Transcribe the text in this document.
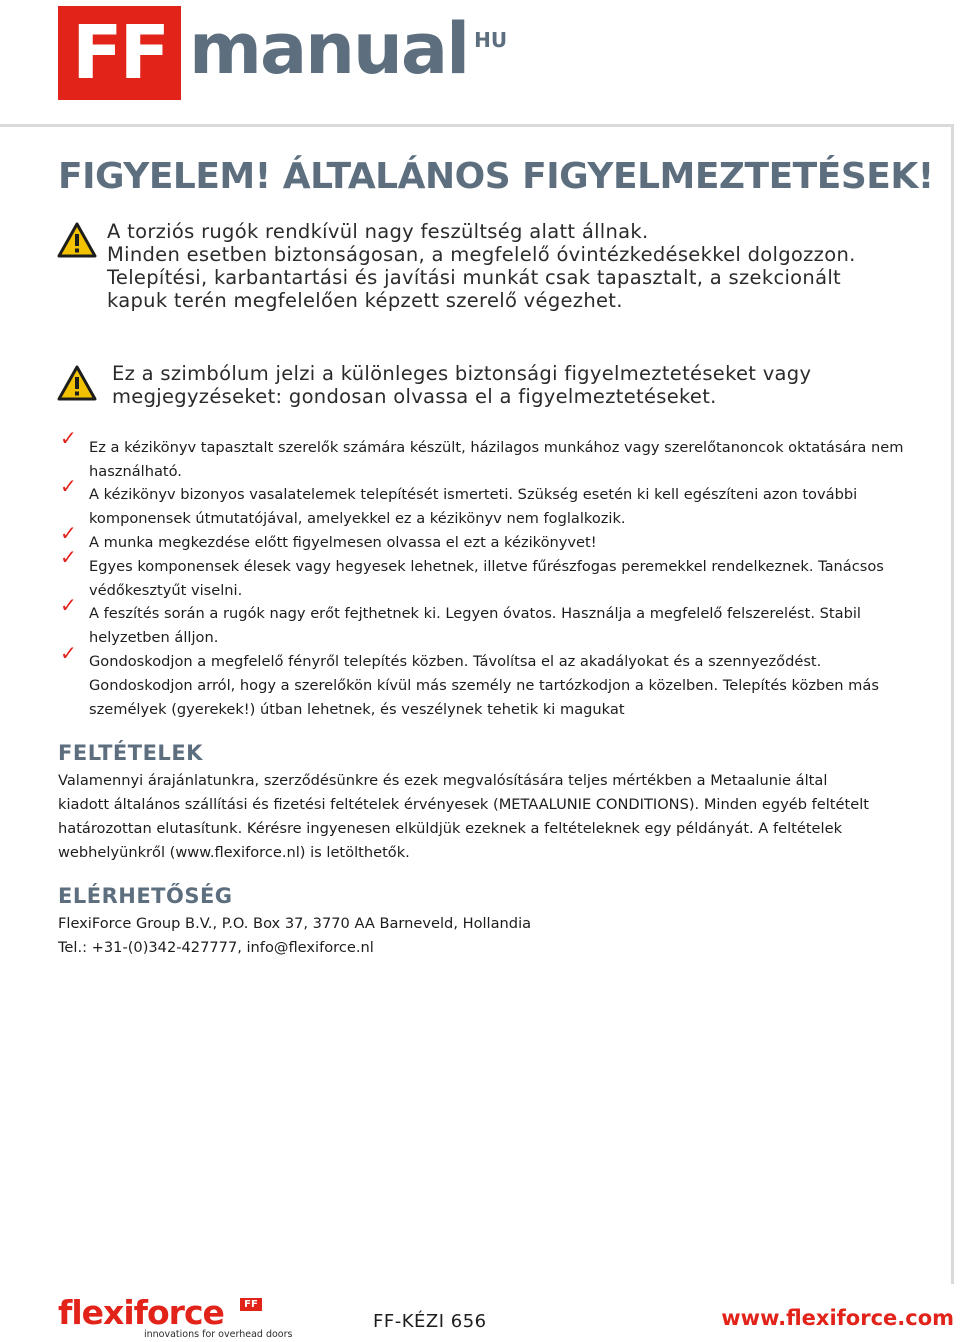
FF manual HU
FIGYELEM! ÁLTALÁNOS FIGYELMEZTETÉSEK!
A torziós rugók rendkívül nagy feszültség alatt állnak.
Minden esetben biztonságosan, a megfelelő óvintézkedésekkel dolgozzon.
Telepítési, karbantartási és javítási munkát csak tapasztalt, a szekcionált
kapuk terén megfelelően képzett szerelő végezhet.
Ez a szimbólum jelzi a különleges biztonsági figyelmeztetéseket vagy
megjegyzéseket: gondosan olvassa el a figyelmeztetéseket.
✓ Ez a kézikönyv tapasztalt szerelők számára készült, házilagos munkához vagy szerelőtanoncok oktatására nem
használható.
✓ A kézikönyv bizonyos vasalatelemek telepítését ismerteti. Szükség esetén ki kell egészíteni azon további
komponensek útmutatójával, amelyekkel ez a kézikönyv nem foglalkozik.
✓ A munka megkezdése előtt figyelmesen olvassa el ezt a kézikönyvet!
✓ Egyes komponensek élesek vagy hegyesek lehetnek, illetve fűrészfogas peremekkel rendelkeznek. Tanácsos
védőkesztyűt viselni.
✓ A feszítés során a rugók nagy erőt fejthetnek ki. Legyen óvatos. Használja a megfelelő felszerelést. Stabil
helyzetben álljon.
✓ Gondoskodjon a megfelelő fényről telepítés közben. Távolítsa el az akadályokat és a szennyeződést.
Gondoskodjon arról, hogy a szerelőkön kívül más személy ne tartózkodjon a közelben. Telepítés közben más
személyek (gyerekek!) útban lehetnek, és veszélynek tehetik ki magukat
FELTÉTELEK
Valamennyi árajánlatunkra, szerződésünkre és ezek megvalósítására teljes mértékben a Metaalunie által
kiadott általános szállítási és fizetési feltételek érvényesek (METAALUNIE CONDITIONS). Minden egyéb feltételt
határozottan elutasítunk. Kérésre ingyenesen elküldjük ezeknek a feltételeknek egy példányát. A feltételek
webhelyünkről (www.flexiforce.nl) is letölthetők.
ELÉRHETŐSÉG
FlexiForce Group B.V., P.O. Box 37, 3770 AA Barneveld, Hollandia
Tel.: +31-(0)342-427777, info@flexiforce.nl
flexiforce	FF
innovations for overhead doors
FF-KÉZI 656	www.flexiforce.com
